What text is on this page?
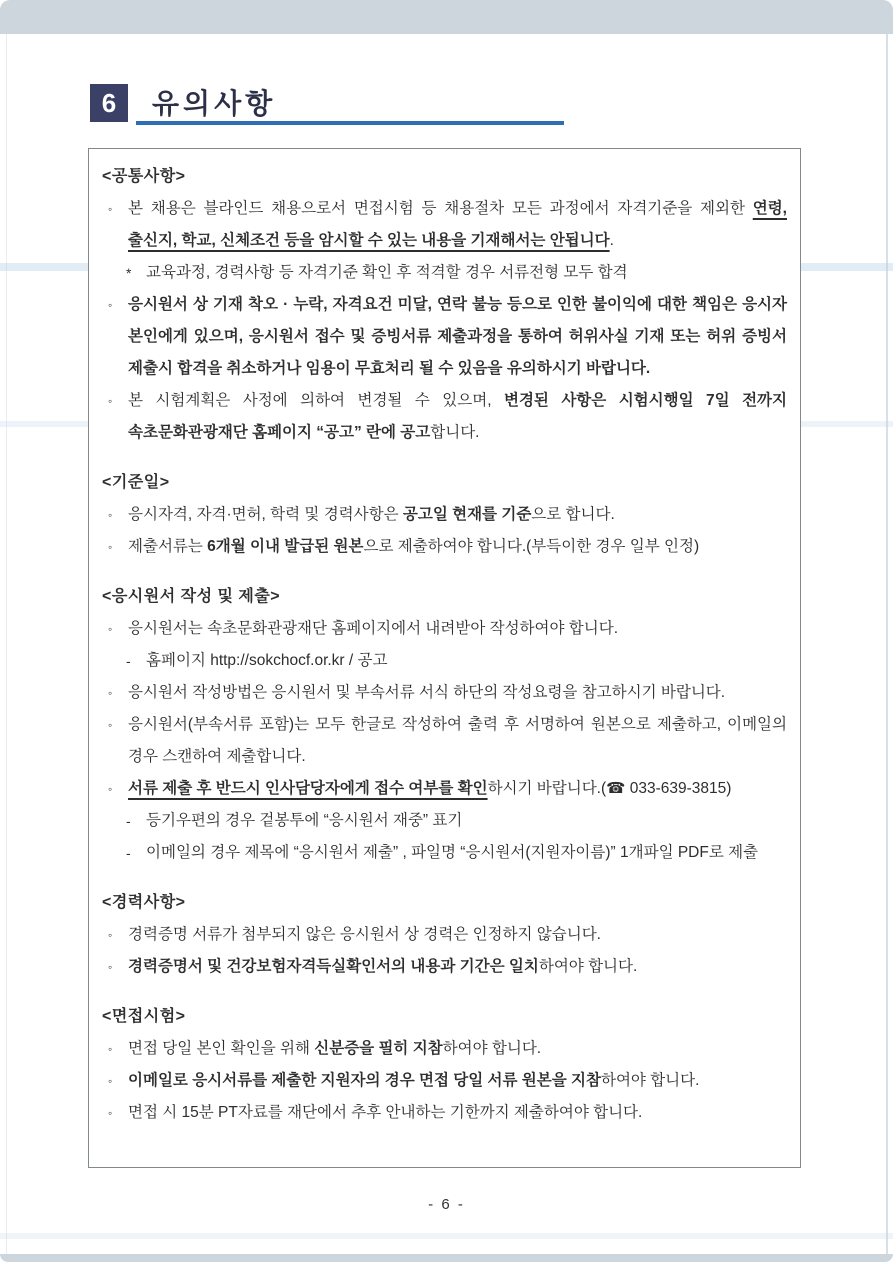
6	유의사항
<공통사항>
◦ 본 채용은 블라인드 채용으로서 면접시험 등 채용절차 모든 과정에서 자격기준을 제외한 연령, 출신지, 학교, 신체조건 등을 암시할 수 있는 내용을 기재해서는 안됩니다.
* 교육과정, 경력사항 등 자격기준 확인 후 적격할 경우 서류전형 모두 합격
◦ 응시원서 상 기재 착오 · 누락, 자격요건 미달, 연락 불능 등으로 인한 불이익에 대한 책임은 응시자 본인에게 있으며, 응시원서 접수 및 증빙서류 제출과정을 통하여 허위사실 기재 또는 허위 증빙서 제출시 합격을 취소하거나 임용이 무효처리 될 수 있음을 유의하시기 바랍니다.
◦ 본 시험계획은 사정에 의하여 변경될 수 있으며, 변경된 사항은 시험시행일 7일 전까지 속초문화관광재단 홈페이지 “공고” 란에 공고합니다.
<기준일>
◦ 응시자격, 자격·면허, 학력 및 경력사항은 공고일 현재를 기준으로 합니다.
◦ 제출서류는 6개월 이내 발급된 원본으로 제출하여야 합니다.(부득이한 경우 일부 인정)
<응시원서 작성 및 제출>
◦ 응시원서는 속초문화관광재단 홈페이지에서 내려받아 작성하여야 합니다.
- 홈페이지 http://sokchocf.or.kr / 공고
◦ 응시원서 작성방법은 응시원서 및 부속서류 서식 하단의 작성요령을 참고하시기 바랍니다.
◦ 응시원서(부속서류 포함)는 모두 한글로 작성하여 출력 후 서명하여 원본으로 제출하고, 이메일의 경우 스캔하여 제출합니다.
◦ 서류 제출 후 반드시 인사담당자에게 접수 여부를 확인하시기 바랍니다.(☎ 033-639-3815)
- 등기우편의 경우 겉봉투에 “응시원서 재중” 표기
- 이메일의 경우 제목에 “응시원서 제출” , 파일명 “응시원서(지원자이름)” 1개파일 PDF로 제출
<경력사항>
◦ 경력증명 서류가 첨부되지 않은 응시원서 상 경력은 인정하지 않습니다.
◦ 경력증명서 및 건강보험자격득실확인서의 내용과 기간은 일치하여야 합니다.
<면접시험>
◦ 면접 당일 본인 확인을 위해 신분증을 필히 지참하여야 합니다.
◦ 이메일로 응시서류를 제출한 지원자의 경우 면접 당일 서류 원본을 지참하여야 합니다.
◦ 면접 시 15분 PT자료를 재단에서 추후 안내하는 기한까지 제출하여야 합니다.
- 6 -
